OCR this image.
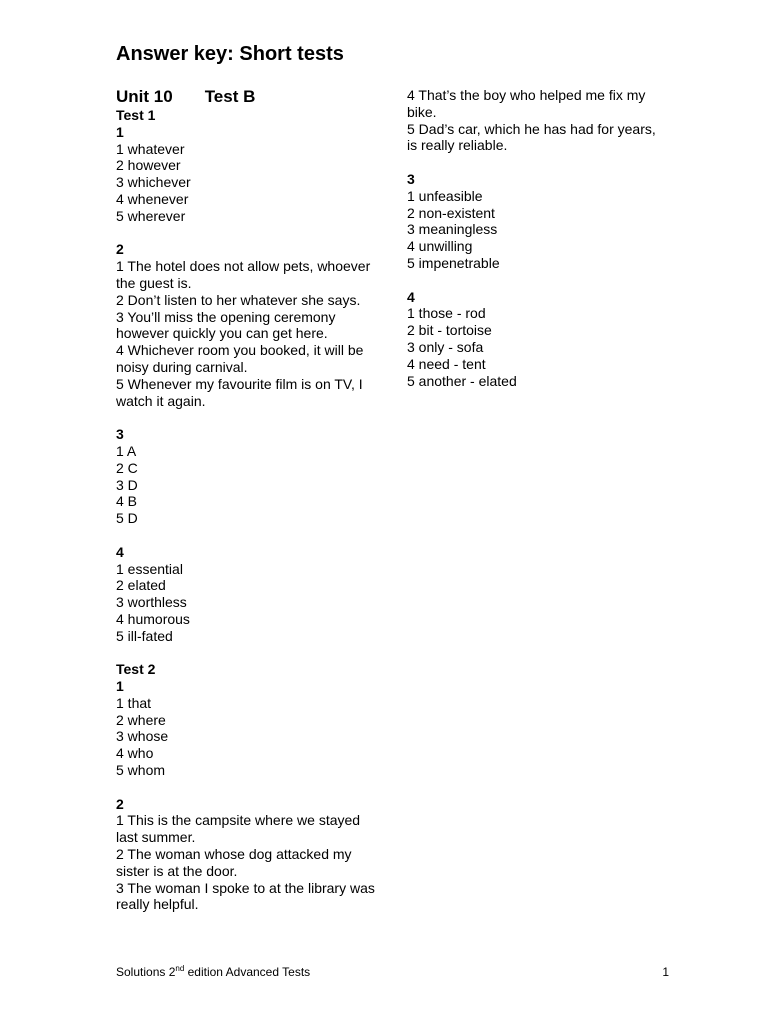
Answer key: Short tests
Unit 10 Test B
Test 1
1
1 whatever
2 however
3 whichever
4 whenever
5 wherever
2
1 The hotel does not allow pets, whoever the guest is.
2 Don’t listen to her whatever she says.
3 You’ll miss the opening ceremony however quickly you can get here.
4 Whichever room you booked, it will be noisy during carnival.
5 Whenever my favourite film is on TV, I watch it again.
3
1 A
2 C
3 D
4 B
5 D
4
1 essential
2 elated
3 worthless
4 humorous
5 ill-fated
Test 2
1
1 that
2 where
3 whose
4 who
5 whom
2
1 This is the campsite where we stayed last summer.
2 The woman whose dog attacked my sister is at the door.
3 The woman I spoke to at the library was really helpful.
4 That’s the boy who helped me fix my bike.
5 Dad’s car, which he has had for years, is really reliable.
3
1 unfeasible
2 non-existent
3 meaningless
4 unwilling
5 impenetrable
4
1 those - rod
2 bit - tortoise
3 only - sofa
4 need - tent
5 another - elated
Solutions 2nd edition Advanced Tests	1
